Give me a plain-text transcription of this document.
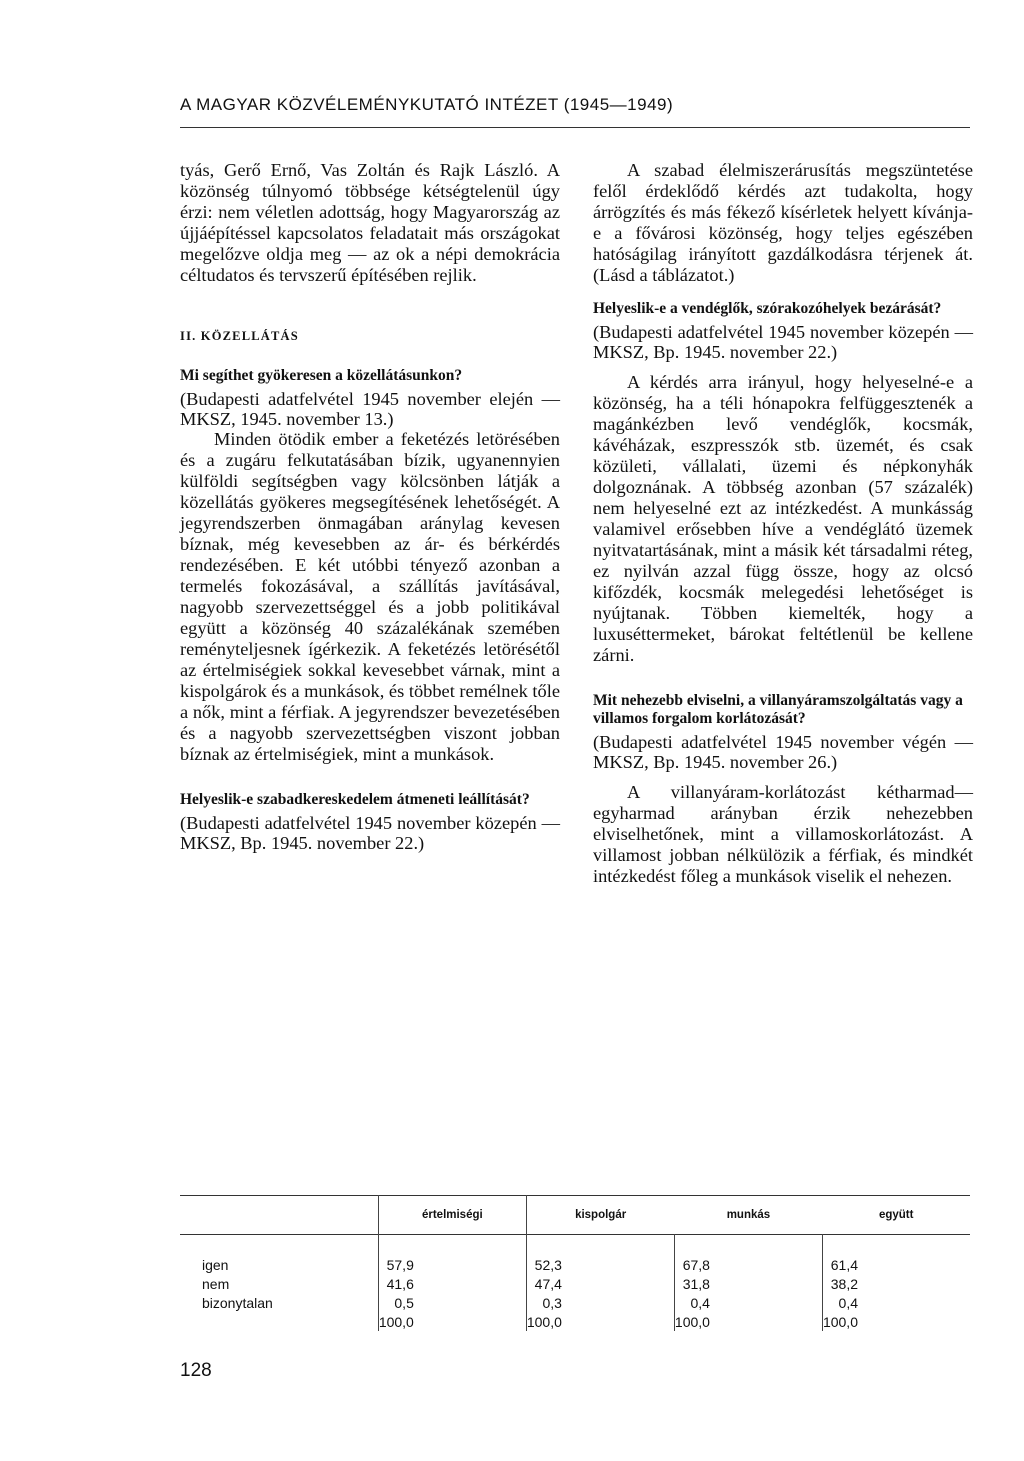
A MAGYAR KÖZVÉLEMÉNYKUTATÓ INTÉZET (1945—1949)

tyás, Gerő Ernő, Vas Zoltán és Rajk László. A közönség túlnyomó többsége kétségtelenül úgy érzi: nem véletlen adottság, hogy Magyarország az újjáépítéssel kapcsolatos feladatait más országokat megelőzve oldja meg — az ok a népi demokrácia céltudatos és tervszerű építésében rejlik.

II. KÖZELLÁTÁS

Mi segíthet gyökeresen a közellátásunkon?

(Budapesti adatfelvétel 1945 november elején — MKSZ, 1945. november 13.)

Minden ötödik ember a feketézés letörésében és a zugáru felkutatásában bízik, ugyanennyien külföldi segítségben vagy kölcsönben látják a közellátás gyökeres megsegítésének lehetőségét. A jegyrendszerben önmagában aránylag kevesen bíznak, még kevesebben az ár- és bérkérdés rendezésében. E két utóbbi tényező azonban a termelés fokozásával, a szállítás javításával, nagyobb szervezettséggel és a jobb politikával együtt a közönség 40 százalékának szemében reményteljesnek ígérkezik. A feketézés letörésétől az értelmiségiek sokkal kevesebbet várnak, mint a kispolgárok és a munkások, és többet remélnek tőle a nők, mint a férfiak. A jegyrendszer bevezetésében és a nagyobb szervezettségben viszont jobban bíznak az értelmiségiek, mint a munkások.

Helyeslik-e szabadkereskedelem átmeneti leállítását?

(Budapesti adatfelvétel 1945 november közepén — MKSZ, Bp. 1945. november 22.)

A szabad élelmiszerárusítás megszüntetése felől érdeklődő kérdés azt tudakolta, hogy árrögzítés és más fékező kísérletek helyett kívánja-e a fővárosi közönség, hogy teljes egészében hatóságilag irányított gazdálkodásra térjenek át. (Lásd a táblázatot.)

Helyeslik-e a vendéglők, szórakozóhelyek bezárását?

(Budapesti adatfelvétel 1945 november közepén — MKSZ, Bp. 1945. november 22.)

A kérdés arra irányul, hogy helyeselné-e a közönség, ha a téli hónapokra felfüggesztenék a magánkézben levő vendéglők, kocsmák, kávéházak, eszpresszók stb. üzemét, és csak közületi, vállalati, üzemi és népkonyhák dolgoznának. A többség azonban (57 százalék) nem helyeselné ezt az intézkedést. A munkásság valamivel erősebben híve a vendéglátó üzemek nyitvatartásának, mint a másik két társadalmi réteg, ez nyilván azzal függ össze, hogy az olcsó kifőzdék, kocsmák melegedési lehetőséget is nyújtanak. Többen kiemelték, hogy a luxuséttermeket, bárokat feltétlenül be kellene zárni.

Mit nehezebb elviselni, a villanyáramszolgáltatás vagy a villamos forgalom korlátozását?

(Budapesti adatfelvétel 1945 november végén — MKSZ, Bp. 1945. november 26.)

A villanyáram-korlátozást kétharmad—egyharmad arányban érzik nehezebben elviselhetőnek, mint a villamoskorlátozást. A villamost jobban nélkülözik a férfiak, és mindkét intézkedést főleg a munkások viselik el nehezen.

	értelmiségi	kispolgár	munkás	együtt
igen	57,9	52,3	67,8	61,4
nem	41,6	47,4	31,8	38,2
bizonytalan	0,5	0,3	0,4	0,4
	100,0	100,0	100,0	100,0
128
